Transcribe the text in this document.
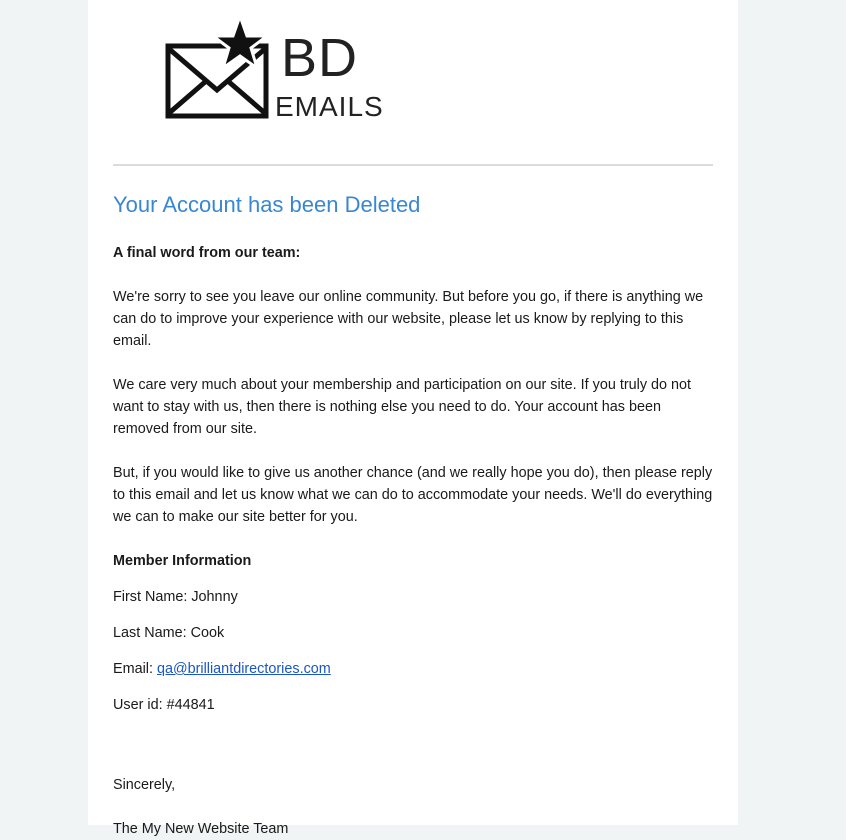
BD
EMAILS
Your Account has been Deleted

A final word from our team:

We're sorry to see you leave our online community. But before you go, if there is anything we can do to improve your experience with our website, please let us know by replying to this email.

We care very much about your membership and participation on our site. If you truly do not want to stay with us, then there is nothing else you need to do. Your account has been removed from our site.

But, if you would like to give us another chance (and we really hope you do), then please reply to this email and let us know what we can do to accommodate your needs. We'll do everything we can to make our site better for you.

Member Information

First Name: Johnny

Last Name: Cook

Email: qa@brilliantdirectories.com

User id: #44841

Sincerely,

The My New Website Team
